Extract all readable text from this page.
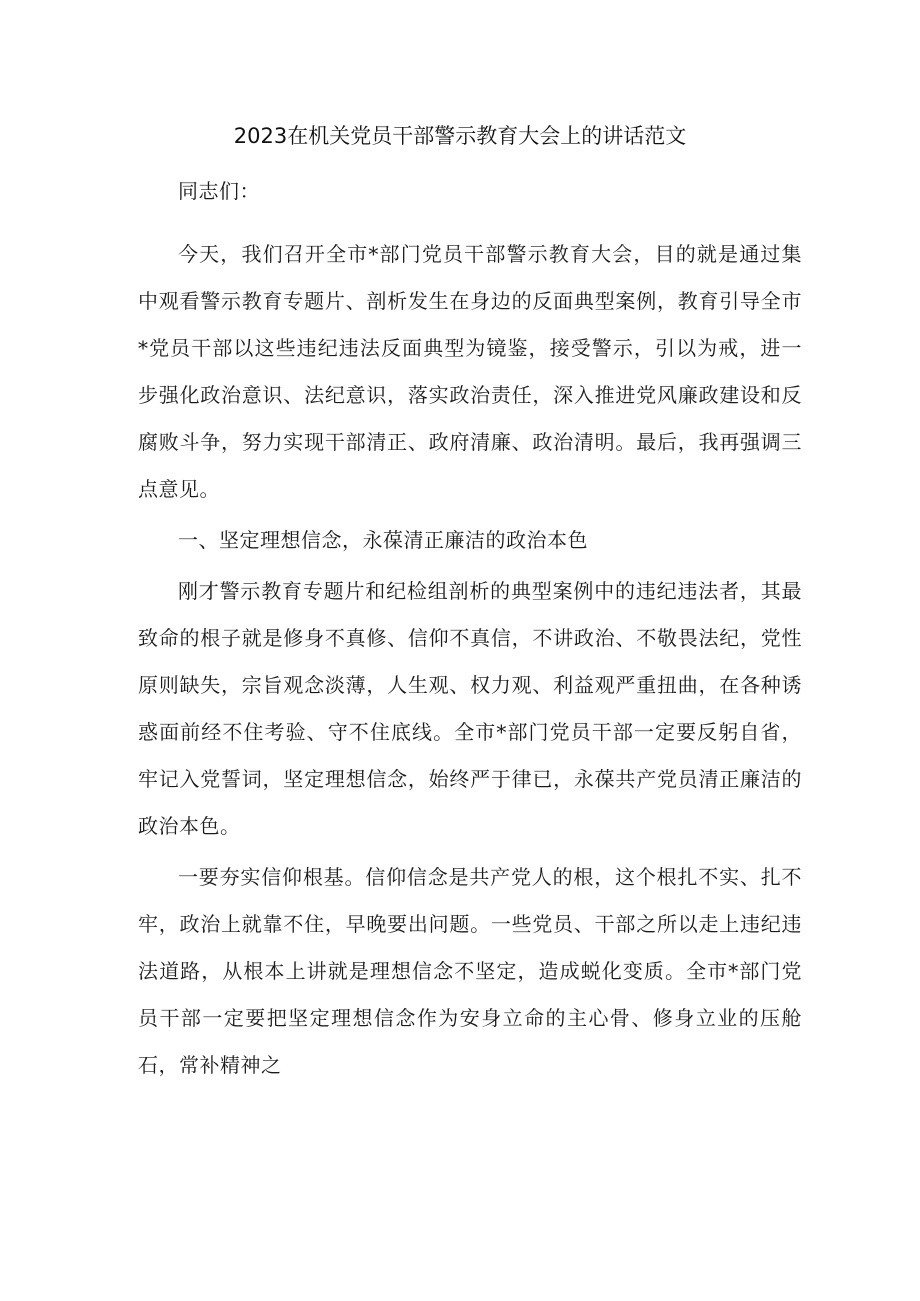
2023在机关党员干部警示教育大会上的讲话范文

同志们：

今天，我们召开全市*部门党员干部警示教育大会，目的就是通过集中观看警示教育专题片、剖析发生在身边的反面典型案例，教育引导全市*党员干部以这些违纪违法反面典型为镜鉴，接受警示，引以为戒，进一步强化政治意识、法纪意识，落实政治责任，深入推进党风廉政建设和反腐败斗争，努力实现干部清正、政府清廉、政治清明。最后，我再强调三点意见。

一、坚定理想信念，永葆清正廉洁的政治本色

刚才警示教育专题片和纪检组剖析的典型案例中的违纪违法者，其最致命的根子就是修身不真修、信仰不真信，不讲政治、不敬畏法纪，党性原则缺失，宗旨观念淡薄，人生观、权力观、利益观严重扭曲，在各种诱惑面前经不住考验、守不住底线。全市*部门党员干部一定要反躬自省，牢记入党誓词，坚定理想信念，始终严于律已，永葆共产党员清正廉洁的政治本色。

一要夯实信仰根基。信仰信念是共产党人的根，这个根扎不实、扎不牢，政治上就靠不住，早晚要出问题。一些党员、干部之所以走上违纪违法道路，从根本上讲就是理想信念不坚定，造成蜕化变质。全市*部门党员干部一定要把坚定理想信念作为安身立命的主心骨、修身立业的压舱石，常补精神之
